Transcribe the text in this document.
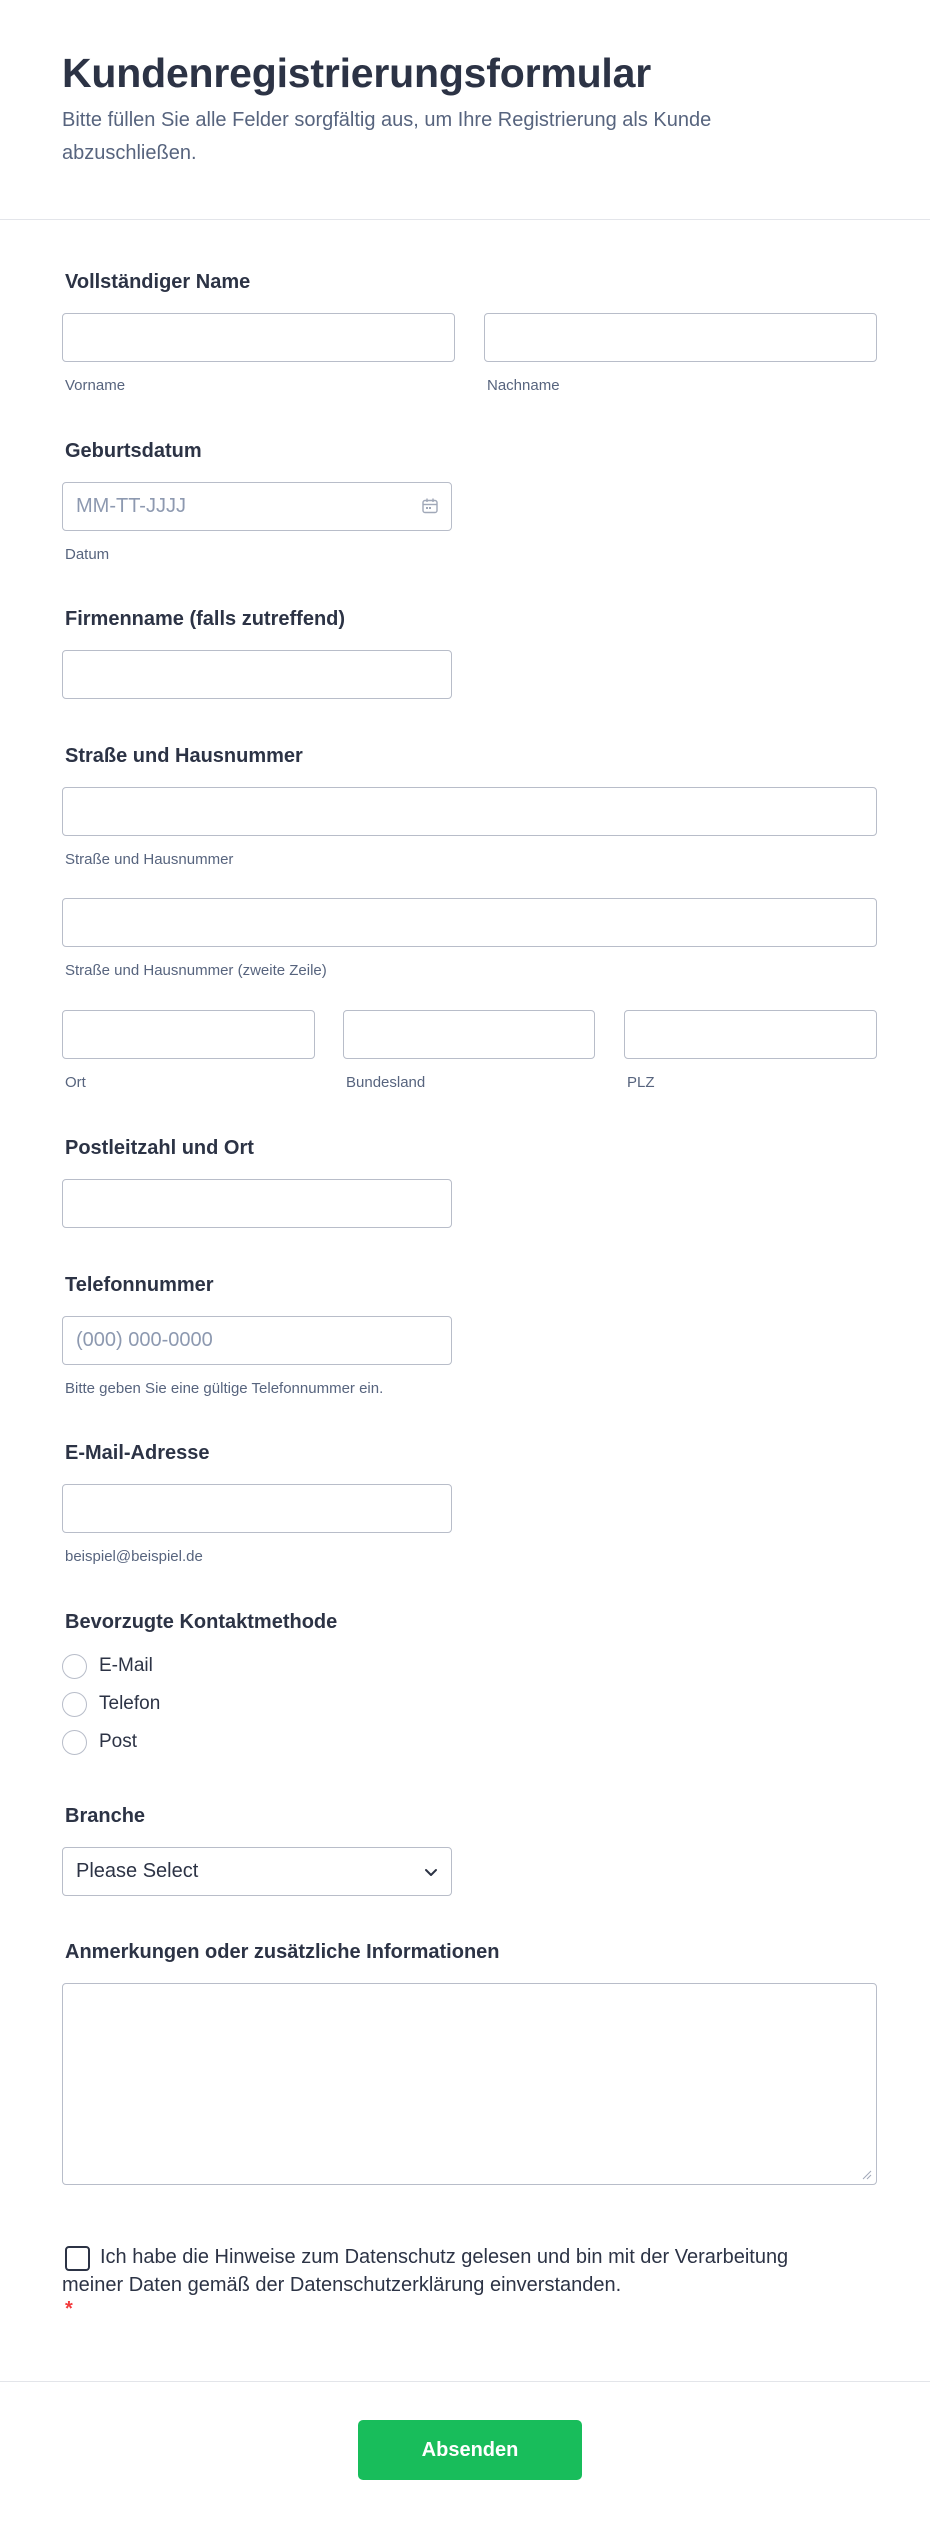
Kundenregistrierungsformular
Bitte füllen Sie alle Felder sorgfältig aus, um Ihre Registrierung als Kunde abzuschließen.
Vollständiger Name
Vorname	Nachname
Geburtsdatum
MM-TT-JJJJ
Datum
Firmenname (falls zutreffend)
Straße und Hausnummer
Straße und Hausnummer
Straße und Hausnummer (zweite Zeile)
Ort	Bundesland	PLZ
Postleitzahl und Ort
Telefonnummer
(000) 000-0000
Bitte geben Sie eine gültige Telefonnummer ein.
E-Mail-Adresse
beispiel@beispiel.de
Bevorzugte Kontaktmethode
E-Mail
Telefon
Post
Branche
Please Select
Anmerkungen oder zusätzliche Informationen
Ich habe die Hinweise zum Datenschutz gelesen und bin mit der Verarbeitung meiner Daten gemäß der Datenschutzerklärung einverstanden.
*
Absenden
